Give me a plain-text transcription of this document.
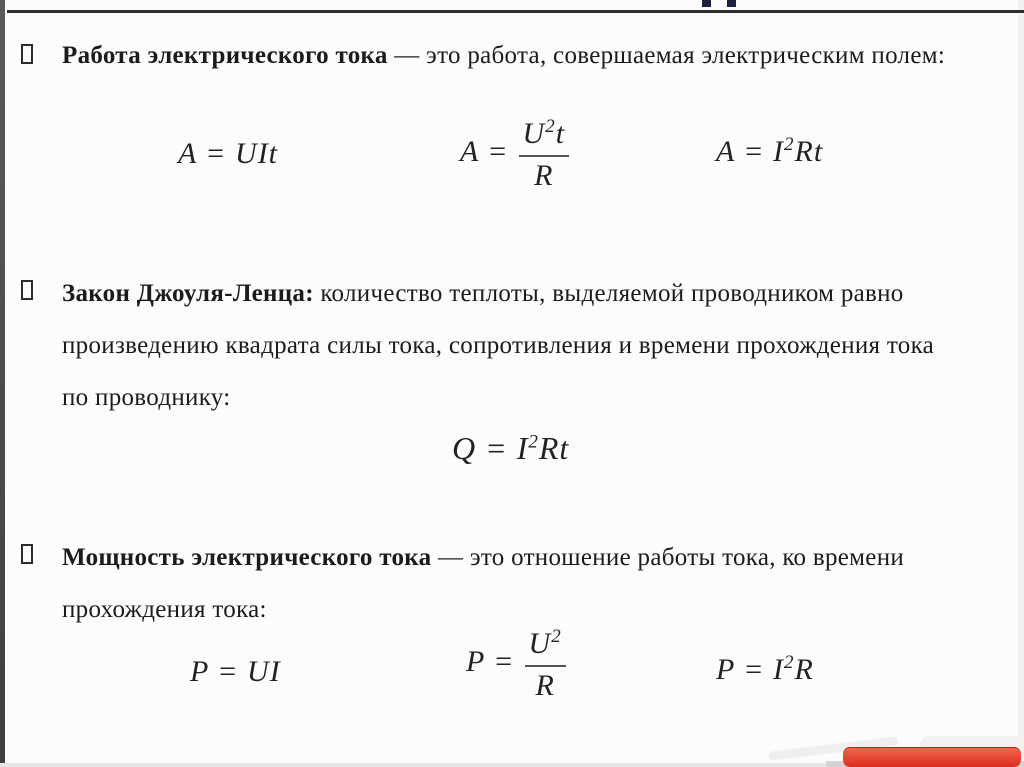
Работа электрического тока — это работа, совершаемая электрическим полем:
A = UIt	$A = \frac{U^2t}{R}$	$A = I^2Rt$
Закон Джоуля-Ленца: количество теплоты, выделяемой проводником равно
произведению квадрата силы тока, сопротивления и времени прохождения тока
по проводнику:
$Q = I^2Rt$
Мощность электрического тока — это отношение работы тока, ко времени
прохождения тока:
P = UI	$P = \frac{U^2}{R}$	$P = I^2R$
